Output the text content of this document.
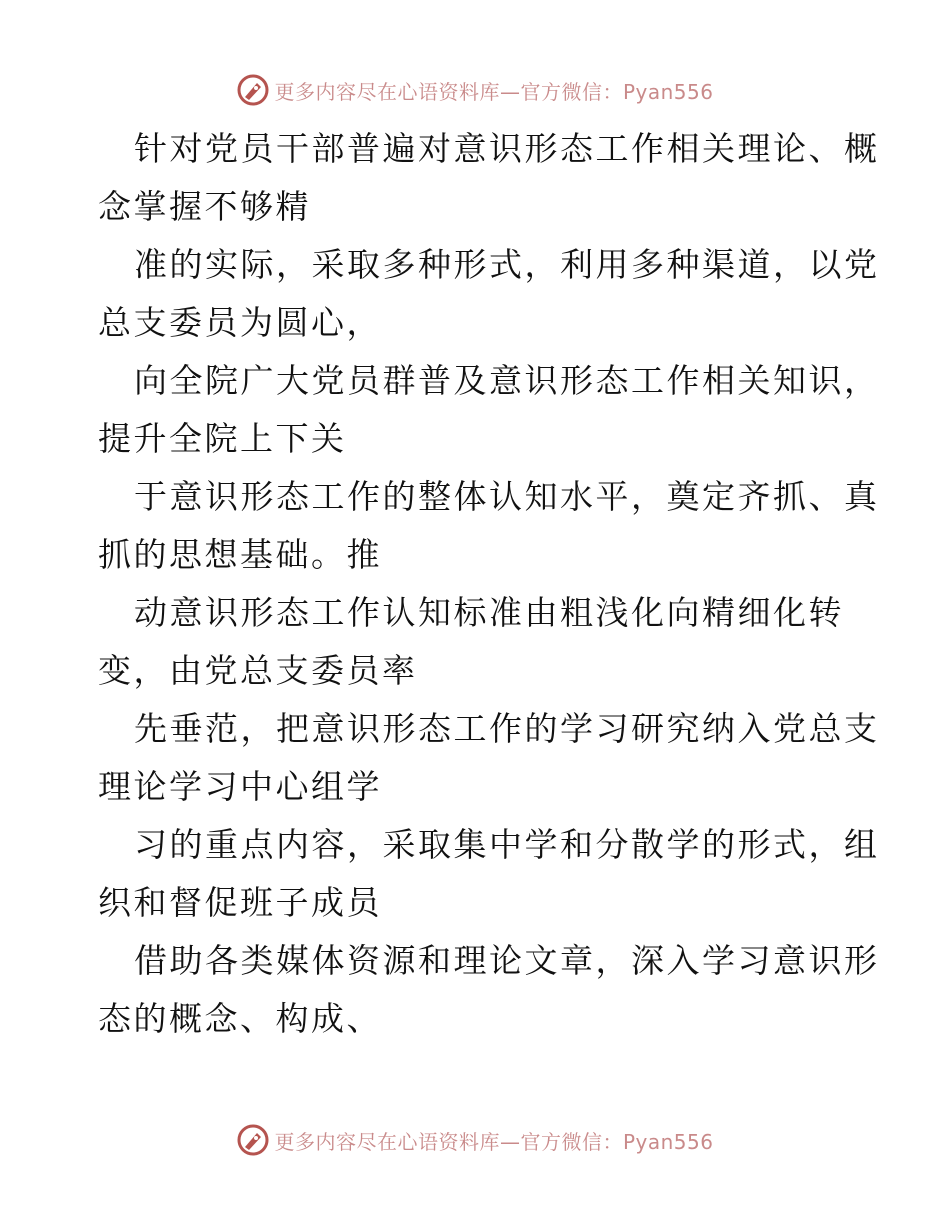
更多内容尽在心语资料库—官方微信：Pyan556
针对党员干部普遍对意识形态工作相关理论、概
念掌握不够精
准的实际，采取多种形式，利用多种渠道，以党
总支委员为圆心，
向全院广大党员群普及意识形态工作相关知识，
提升全院上下关
于意识形态工作的整体认知水平，奠定齐抓、真
抓的思想基础。推
动意识形态工作认知标准由粗浅化向精细化转
变，由党总支委员率
先垂范，把意识形态工作的学习研究纳入党总支
理论学习中心组学
习的重点内容，采取集中学和分散学的形式，组
织和督促班子成员
借助各类媒体资源和理论文章，深入学习意识形
态的概念、构成、
更多内容尽在心语资料库—官方微信：Pyan556
